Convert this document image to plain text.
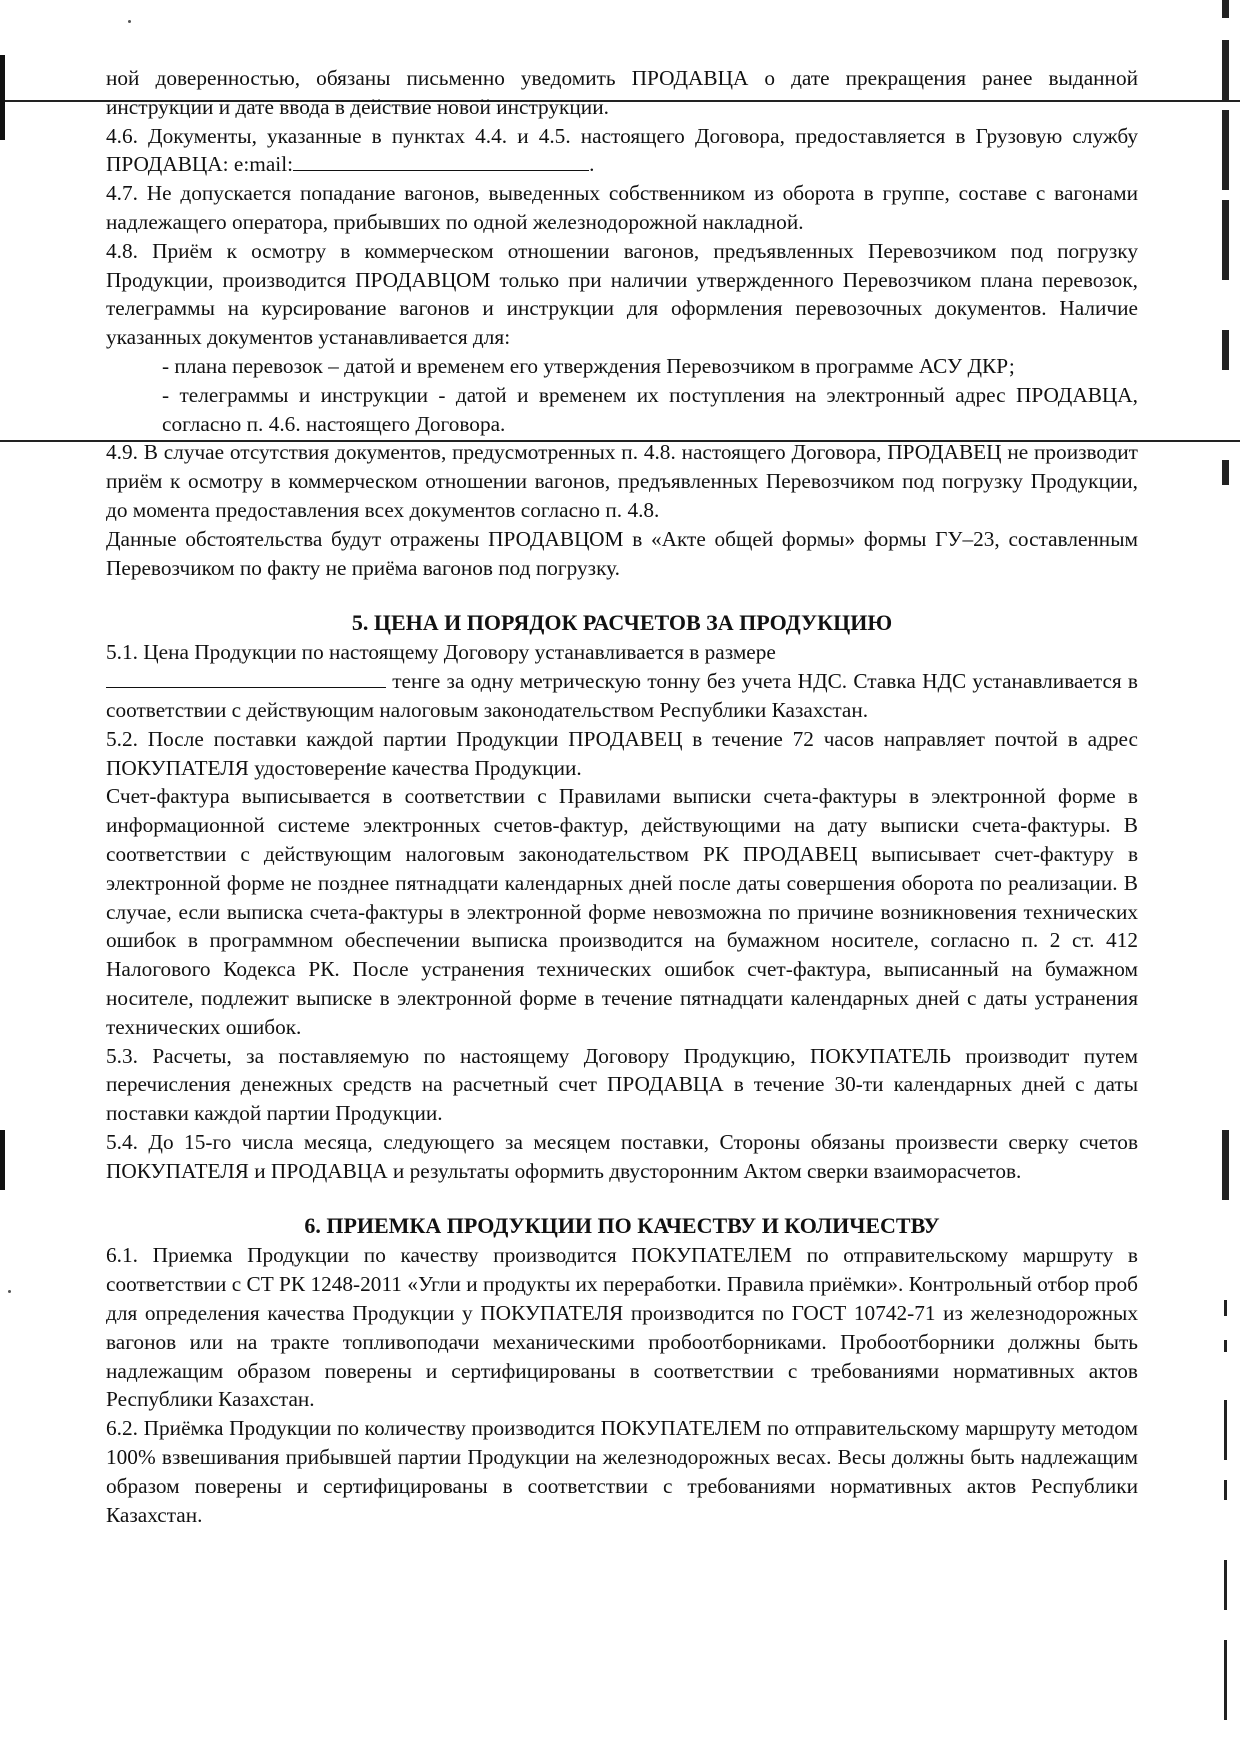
ной доверенностью, обязаны письменно уведомить ПРОДАВЦА о дате прекращения ранее выданной инструкции и дате ввода в действие новой инструкции.

4.6. Документы, указанные в пунктах 4.4. и 4.5. настоящего Договора, предоставляется в Грузовую службу ПРОДАВЦА: e:mail:	.

4.7. Не допускается попадание вагонов, выведенных собственником из оборота в группе, составе с вагонами надлежащего оператора, прибывших по одной железнодорожной накладной.

4.8. Приём к осмотру в коммерческом отношении вагонов, предъявленных Перевозчиком под погрузку Продукции, производится ПРОДАВЦОМ только при наличии утвержденного Перевозчиком плана перевозок, телеграммы на курсирование вагонов и инструкции для оформления перевозочных документов. Наличие указанных документов устанавливается для:

- плана перевозок – датой и временем его утверждения Перевозчиком в программе АСУ ДКР;

- телеграммы и инструкции - датой и временем их поступления на электронный адрес ПРОДАВЦА, согласно п. 4.6. настоящего Договора.

4.9. В случае отсутствия документов, предусмотренных п. 4.8. настоящего Договора, ПРОДАВЕЦ не производит приём к осмотру в коммерческом отношении вагонов, предъявленных Перевозчиком под погрузку Продукции, до момента предоставления всех документов согласно п. 4.8.

Данные обстоятельства будут отражены ПРОДАВЦОМ в «Акте общей формы» формы ГУ–23, составленным Перевозчиком по факту не приёма вагонов под погрузку.

5. ЦЕНА И ПОРЯДОК РАСЧЕТОВ ЗА ПРОДУКЦИЮ

5.1. Цена Продукции по настоящему Договору устанавливается в размере
тенге за одну метрическую тонну без учета НДС. Ставка НДС устанавливается в соответствии с действующим налоговым законодательством Республики Казахстан.

5.2. После поставки каждой партии Продукции ПРОДАВЕЦ в течение 72 часов направляет почтой в адрес ПОКУПАТЕЛЯ удостоверение качества Продукции.

Счет-фактура выписывается в соответствии с Правилами выписки счета-фактуры в электронной форме в информационной системе электронных счетов-фактур, действующими на дату выписки счета-фактуры. В соответствии с действующим налоговым законодательством РК ПРОДАВЕЦ выписывает счет-фактуру в электронной форме не позднее пятнадцати календарных дней после даты совершения оборота по реализации. В случае, если выписка счета-фактуры в электронной форме невозможна по причине возникновения технических ошибок в программном обеспечении выписка производится на бумажном носителе, согласно п. 2 ст. 412 Налогового Кодекса РК. После устранения технических ошибок счет-фактура, выписанный на бумажном носителе, подлежит выписке в электронной форме в течение пятнадцати календарных дней с даты устранения технических ошибок.

5.3. Расчеты, за поставляемую по настоящему Договору Продукцию, ПОКУПАТЕЛЬ производит путем перечисления денежных средств на расчетный счет ПРОДАВЦА в течение 30-ти календарных дней с даты поставки каждой партии Продукции.

5.4. До 15-го числа месяца, следующего за месяцем поставки, Стороны обязаны произвести сверку счетов ПОКУПАТЕЛЯ и ПРОДАВЦА и результаты оформить двусторонним Актом сверки взаиморасчетов.

6. ПРИЕМКА ПРОДУКЦИИ ПО КАЧЕСТВУ И КОЛИЧЕСТВУ

6.1. Приемка Продукции по качеству производится ПОКУПАТЕЛЕМ по отправительскому маршруту в соответствии с СТ РК 1248-2011 «Угли и продукты их переработки. Правила приёмки». Контрольный отбор проб для определения качества Продукции у ПОКУПАТЕЛЯ производится по ГОСТ 10742-71 из железнодорожных вагонов или на тракте топливоподачи механическими пробоотборниками. Пробоотборники должны быть надлежащим образом поверены и сертифицированы в соответствии с требованиями нормативных актов Республики Казахстан.

6.2. Приёмка Продукции по количеству производится ПОКУПАТЕЛЕМ по отправительскому маршруту методом 100% взвешивания прибывшей партии Продукции на железнодорожных весах. Весы должны быть надлежащим образом поверены и сертифицированы в соответствии с требованиями нормативных актов Республики Казахстан.
